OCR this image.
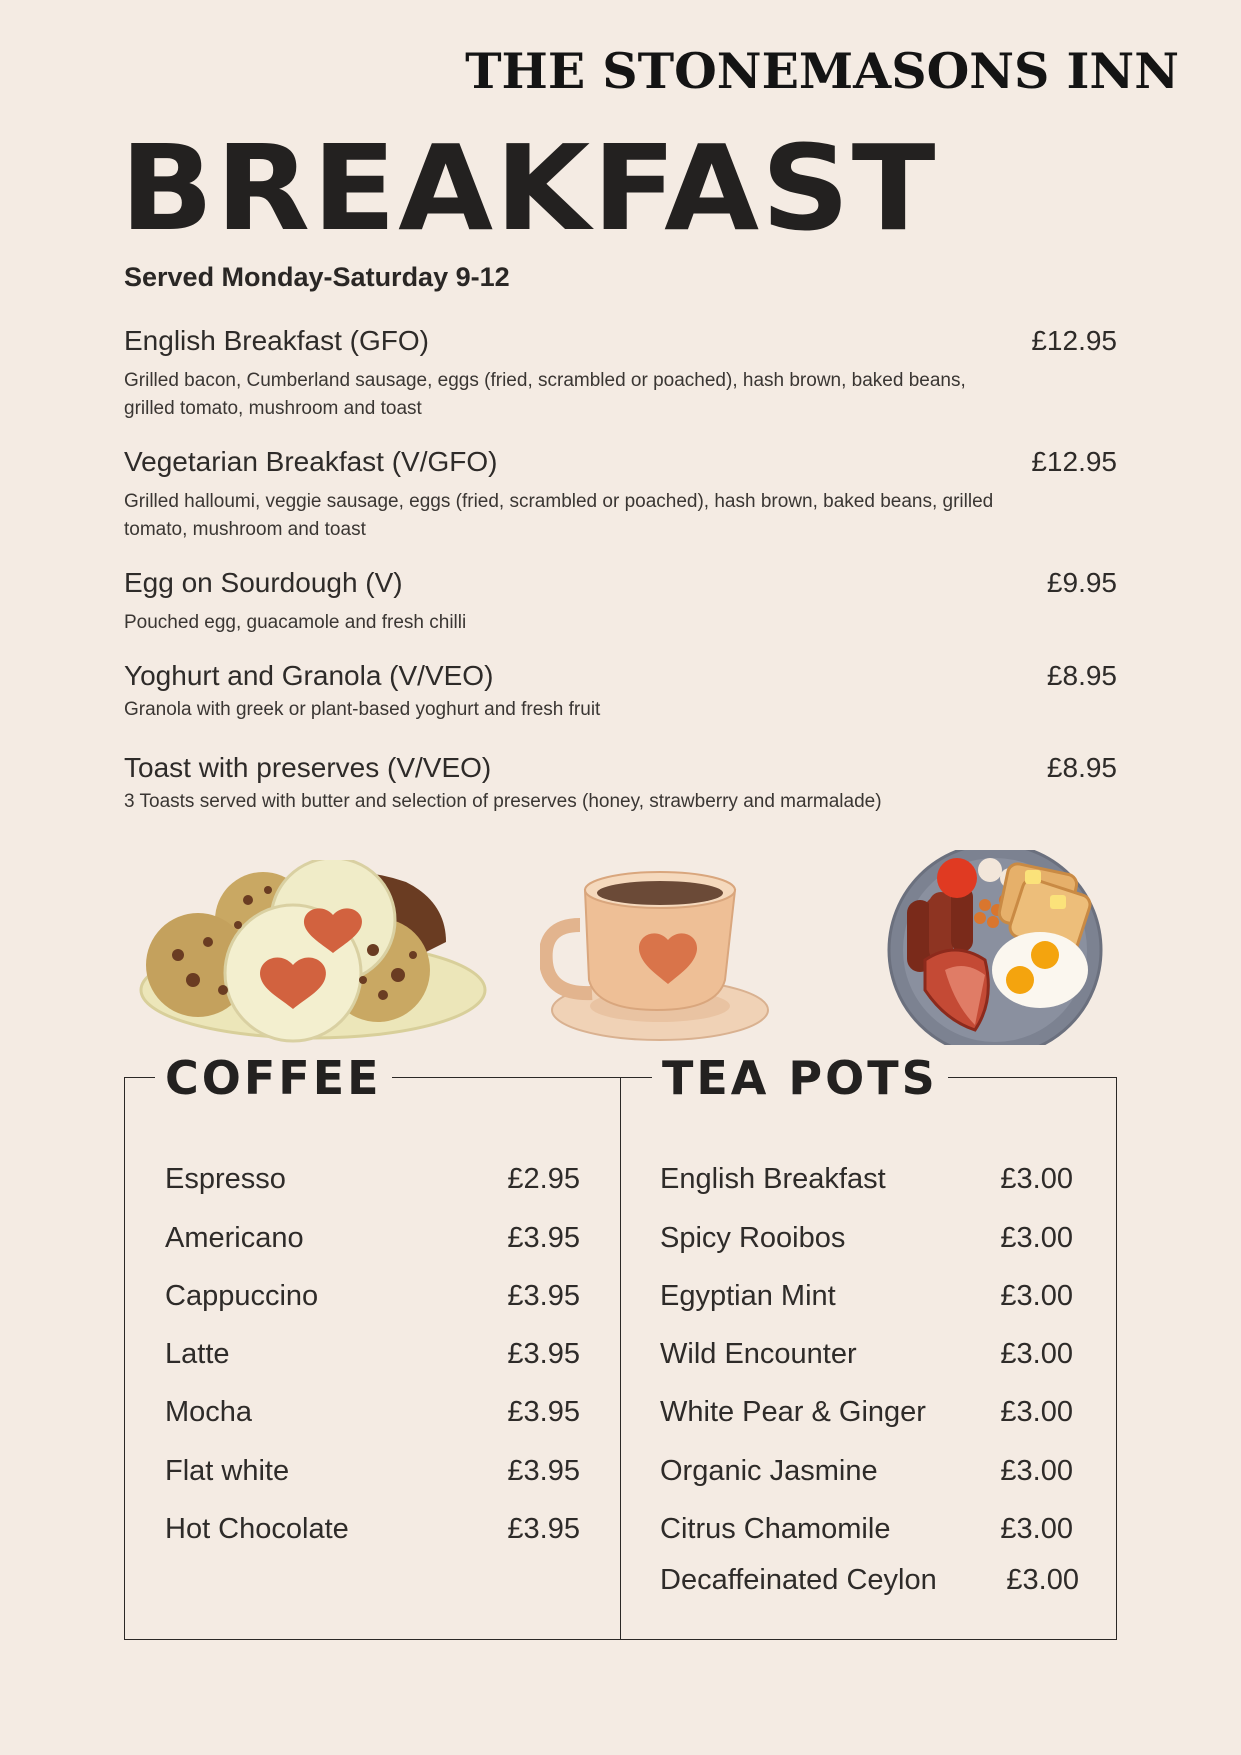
THE STONEMASONS INN
BREAKFAST
Served Monday-Saturday 9-12
English Breakfast (GFO)	£12.95
Grilled bacon, Cumberland sausage, eggs (fried, scrambled or poached), hash brown, baked beans, grilled tomato, mushroom and toast
Vegetarian Breakfast (V/GFO)	£12.95
Grilled halloumi, veggie sausage, eggs (fried, scrambled or poached), hash brown, baked beans, grilled tomato, mushroom and toast
Egg on Sourdough (V)	£9.95
Pouched egg, guacamole and fresh chilli
Yoghurt and Granola (V/VEO)	£8.95
Granola with greek or plant-based yoghurt and fresh fruit
Toast with preserves (V/VEO)	£8.95
3 Toasts served with butter and selection of preserves (honey, strawberry and marmalade)
COFFEE	TEA POTS
Espresso	£2.95
Americano	£3.95
Cappuccino	£3.95
Latte	£3.95
Mocha	£3.95
Flat white	£3.95
Hot Chocolate	£3.95
English Breakfast	£3.00
Spicy Rooibos	£3.00
Egyptian Mint	£3.00
Wild Encounter	£3.00
White Pear & Ginger	£3.00
Organic Jasmine	£3.00
Citrus Chamomile	£3.00
Decaffeinated Ceylon £3.00
